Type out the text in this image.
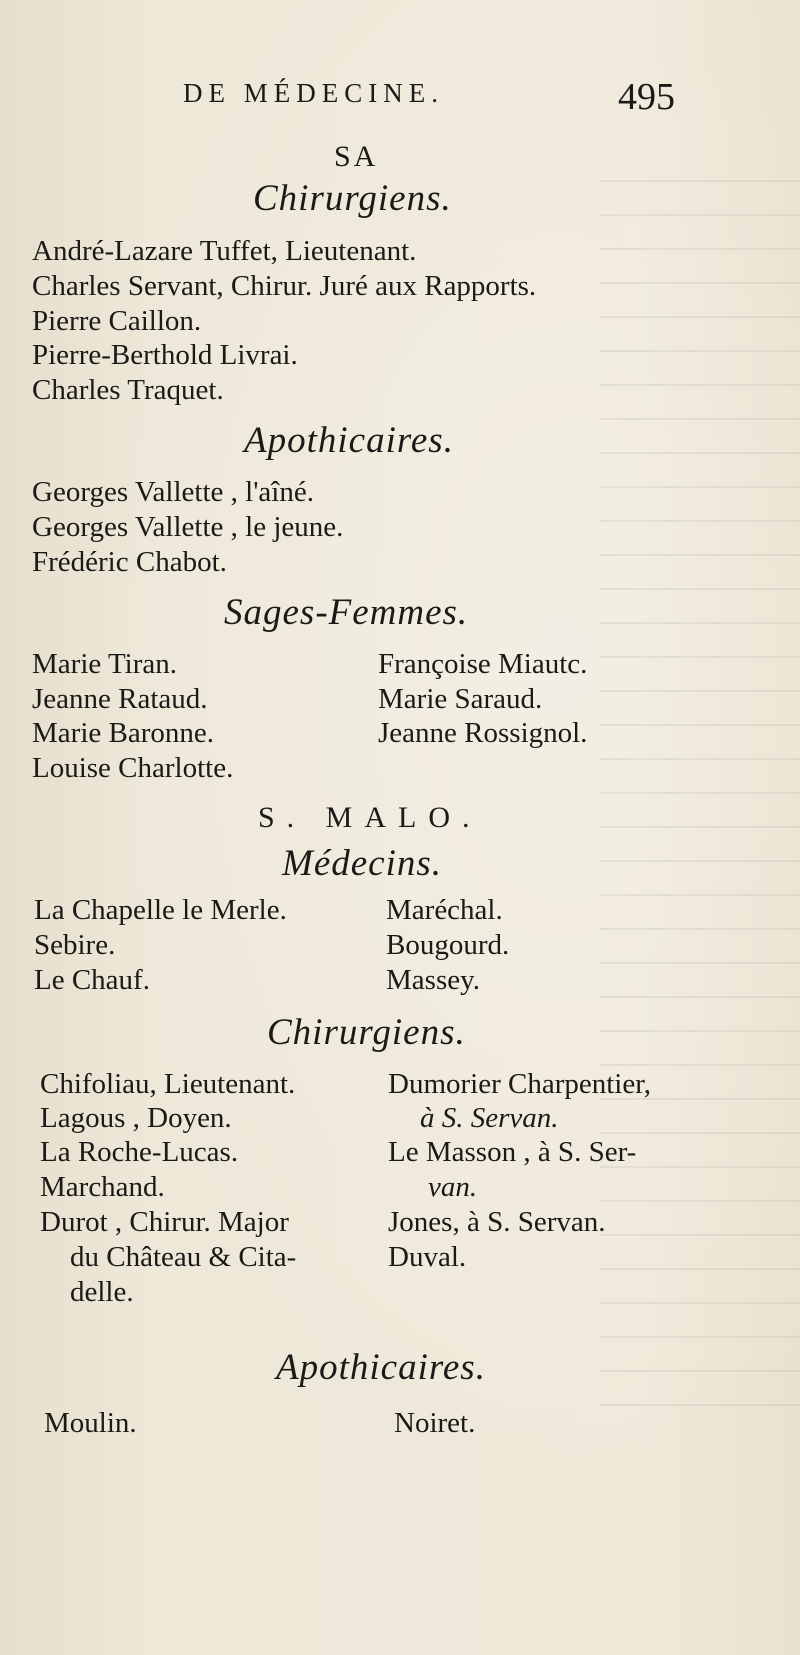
DE MÉDECINE.	495
SA
Chirurgiens.
André-Lazare Tuffet, Lieutenant.
Charles Servant, Chirur. Juré aux Rapports.
Pierre Caillon.
Pierre-Berthold Livrai.
Charles Traquet.
Apothicaires.
Georges Vallette , l'aîné.
Georges Vallette , le jeune.
Frédéric Chabot.
Sages-Femmes.
Marie Tiran.
Jeanne Rataud.
Marie Baronne.
Louise Charlotte.
Françoise Miautc.
Marie Saraud.
Jeanne Rossignol.
S. MALO.
Médecins.
La Chapelle le Merle.
Sebire.
Le Chauf.
Maréchal.
Bougourd.
Massey.
Chirurgiens.
Chifoliau, Lieutenant.
Lagous , Doyen.
La Roche-Lucas.
Marchand.
Durot , Chirur. Major
du Château & Cita-
delle.
Dumorier Charpentier,
à S. Servan.
Le Masson , à S. Ser-
van.
Jones, à S. Servan.
Duval.
Apothicaires.
Moulin.	Noiret.
